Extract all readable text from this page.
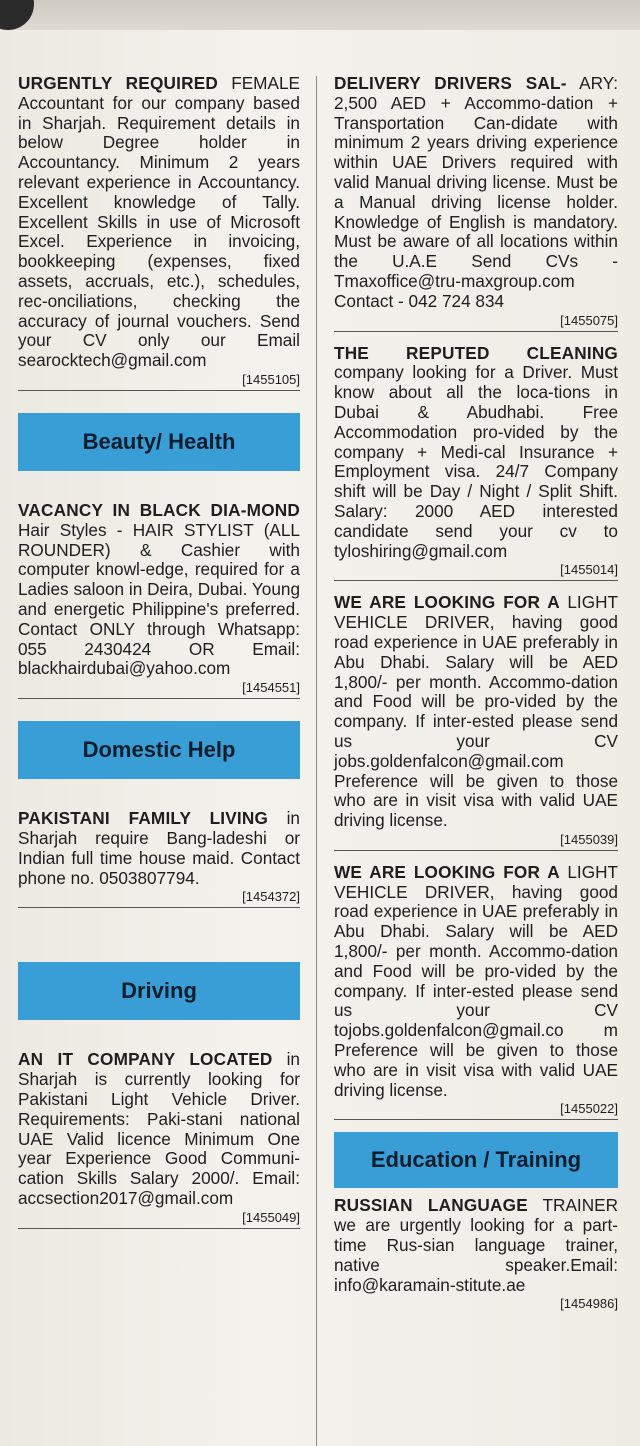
URGENTLY REQUIRED FEMALE Accountant for our company based in Sharjah. Requirement details in below Degree holder in Accountancy. Minimum 2 years relevant experience in Accountancy. Excellent knowledge of Tally. Excellent Skills in use of Microsoft Excel. Experience in invoicing, bookkeeping (expenses, fixed assets, accruals, etc.), schedules, rec-onciliations, checking the accuracy of journal vouchers. Send your CV only our Email searocktech@gmail.com

[1455105]
Beauty/ Health

VACANCY IN BLACK DIA-MOND Hair Styles - HAIR STYLIST (ALL ROUNDER) & Cashier with computer knowl-edge, required for a Ladies saloon in Deira, Dubai. Young and energetic Philippine's preferred. Contact ONLY through Whatsapp: 055 2430424 OR Email: blackhairdubai@yahoo.com

[1454551]
Domestic Help

PAKISTANI FAMILY LIVING in Sharjah require Bang-ladeshi or Indian full time house maid. Contact phone no. 0503807794.

[1454372]
Driving

AN IT COMPANY LOCATED in Sharjah is currently looking for Pakistani Light Vehicle Driver. Requirements: Paki-stani national UAE Valid licence Minimum One year Experience Good Communi-cation Skills Salary 2000/. Email: accsection2017@gmail.com

[1455049]

DELIVERY DRIVERS SAL- ARY: 2,500 AED + Accommo-dation + Transportation Can-didate with minimum 2 years driving experience within UAE Drivers required with valid Manual driving license. Must be a Manual driving license holder. Knowledge of English is mandatory. Must be aware of all locations within the U.A.E Send CVs - Tmaxoffice@tru-maxgroup.com Contact - 042 724 834

[1455075]

THE REPUTED CLEANING company looking for a Driver. Must know about all the loca-tions in Dubai & Abudhabi. Free Accommodation pro-vided by the company + Medi-cal Insurance + Employment visa. 24/7 Company shift will be Day / Night / Split Shift. Salary: 2000 AED interested candidate send your cv to tyloshiring@gmail.com

[1455014]

WE ARE LOOKING FOR A LIGHT VEHICLE DRIVER, having good road experience in UAE preferably in Abu Dhabi. Salary will be AED 1,800/- per month. Accommo-dation and Food will be pro-vided by the company. If inter-ested please send us your CV jobs.goldenfalcon@gmail.com Preference will be given to those who are in visit visa with valid UAE driving license.

[1455039]

WE ARE LOOKING FOR A LIGHT VEHICLE DRIVER, having good road experience in UAE preferably in Abu Dhabi. Salary will be AED 1,800/- per month. Accommo-dation and Food will be pro-vided by the company. If inter-ested please send us your CV tojobs.goldenfalcon@gmail.co m Preference will be given to those who are in visit visa with valid UAE driving license.

[1455022]
Education / Training

RUSSIAN LANGUAGE TRAINER we are urgently looking for a part-time Rus-sian language trainer, native speaker.Email: info@karamain-stitute.ae

[1454986]
